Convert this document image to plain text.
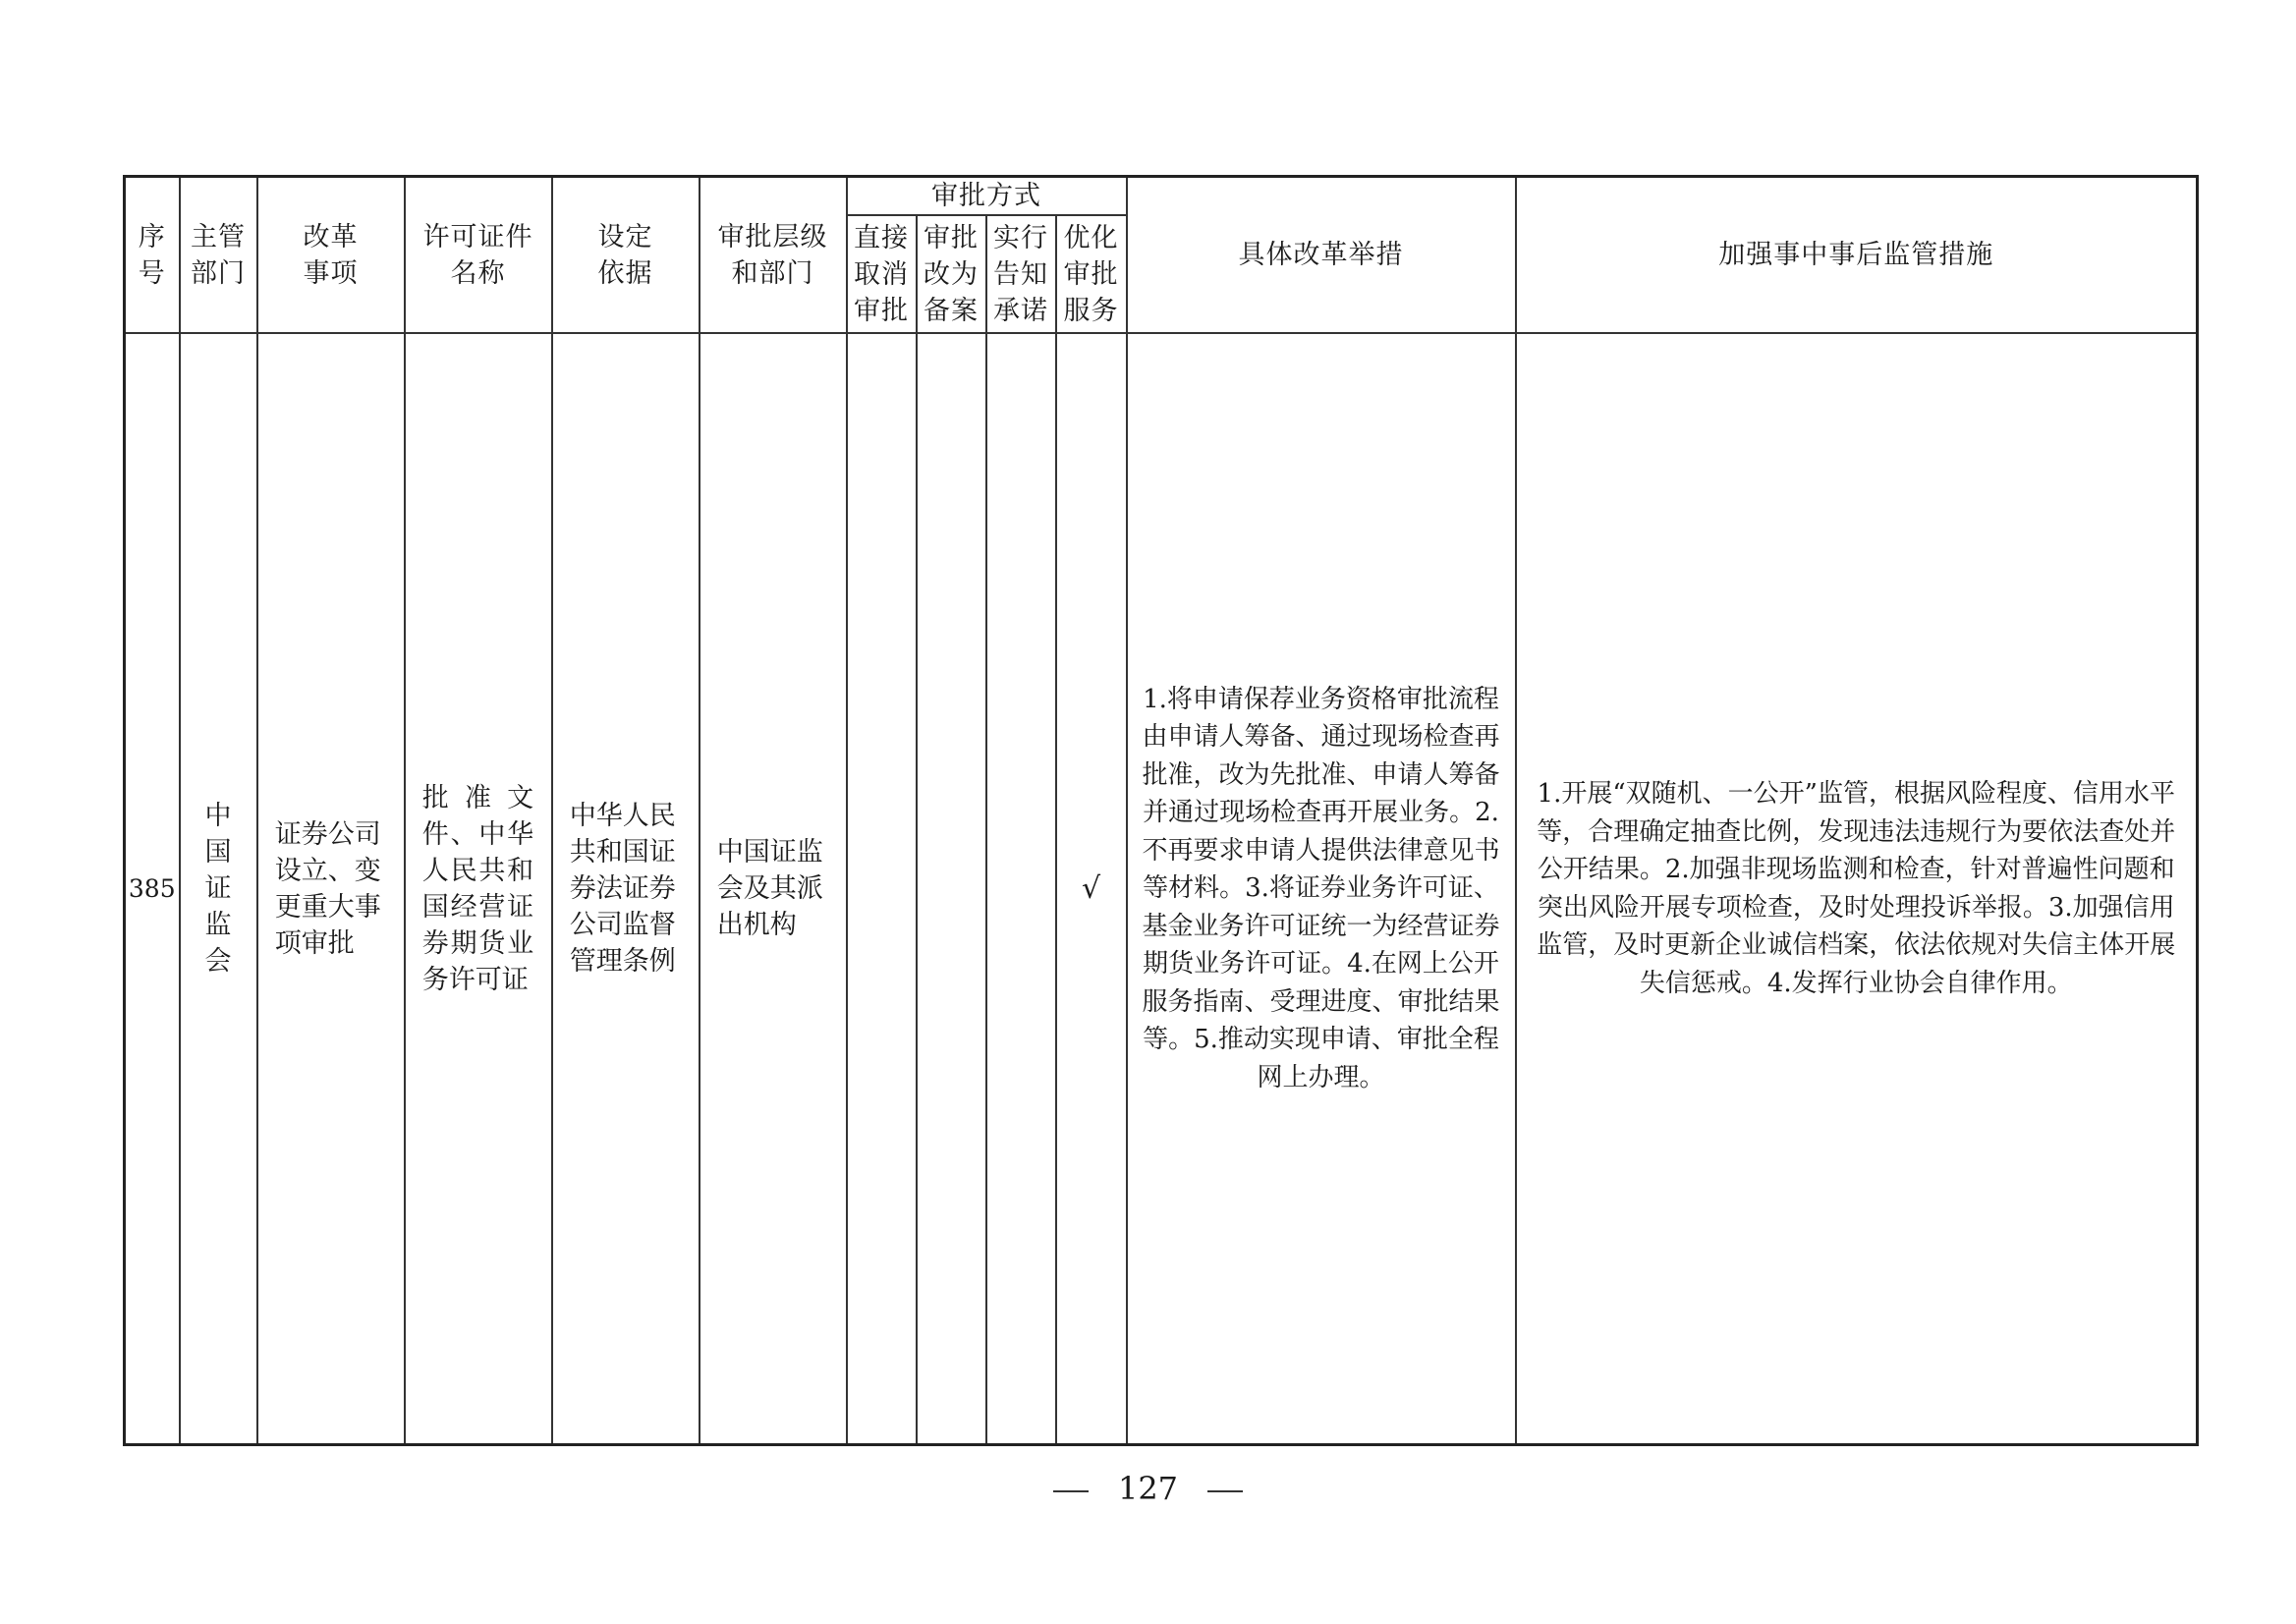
序号	主管部门	改革事项	许可证件名称	设定依据	审批层级和部门	审批方式				具体改革举措	加强事中事后监管措施
						直接取消审批	审批改为备案	实行告知承诺	优化审批服务		
385	中国证监会	证券公司设立、变更重大事项审批	批准文件、中华人民共和国经营证券期货业务许可证	中华人民共和国证券法证券公司监督管理条例	中国证监会及其派出机构				√	1.将申请保荐业务资格审批流程由申请人筹备、通过现场检查再批准，改为先批准、申请人筹备并通过现场检查再开展业务。2.不再要求申请人提供法律意见书等材料。3.将证券业务许可证、基金业务许可证统一为经营证券期货业务许可证。4.在网上公开服务指南、受理进度、审批结果等。5.推动实现申请、审批全程网上办理。	1.开展“双随机、一公开”监管，根据风险程度、信用水平等，合理确定抽查比例，发现违法违规行为要依法查处并公开结果。2.加强非现场监测和检查，针对普遍性问题和突出风险开展专项检查，及时处理投诉举报。3.加强信用监管，及时更新企业诚信档案，依法依规对失信主体开展失信惩戒。4.发挥行业协会自律作用。
127
